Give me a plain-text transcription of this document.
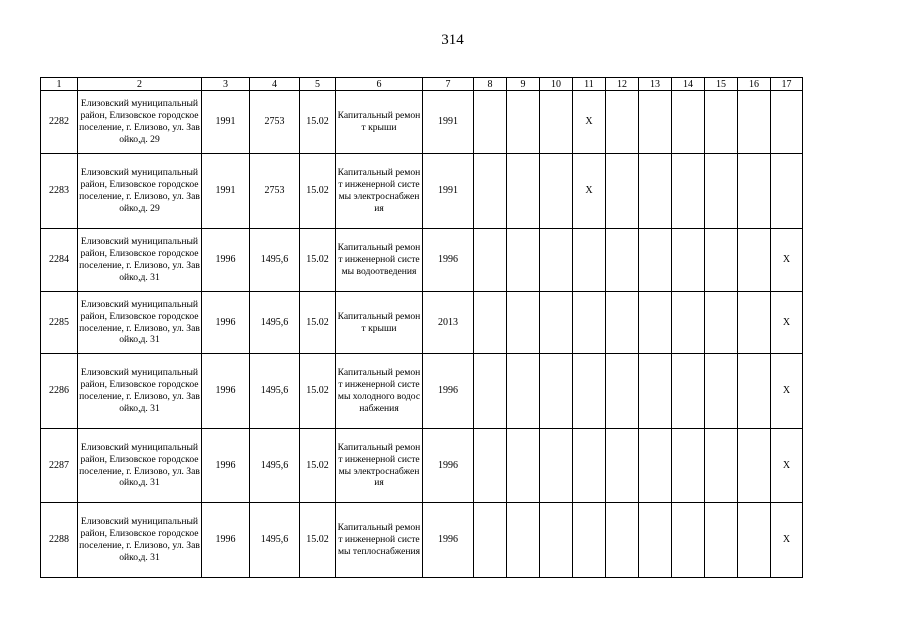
314
1	2	3	4	5	6	7	8	9	10	11	12	13	14	15	16	17
2282	Елизовский муниципальный район, Елизовское городское поселение, г. Елизово, ул. Завойко,д. 29	1991	2753	15.02	Капитальный ремонт крыши	1991				Х						
2283	Елизовский муниципальный район, Елизовское городское поселение, г. Елизово, ул. Завойко,д. 29	1991	2753	15.02	Капитальный ремонт инженерной системы электроснабжения	1991				Х						
2284	Елизовский муниципальный район, Елизовское городское поселение, г. Елизово, ул. Завойко,д. 31	1996	1495,6	15.02	Капитальный ремонт инженерной системы водоотведения	1996										Х
2285	Елизовский муниципальный район, Елизовское городское поселение, г. Елизово, ул. Завойко,д. 31	1996	1495,6	15.02	Капитальный ремонт крыши	2013										Х
2286	Елизовский муниципальный район, Елизовское городское поселение, г. Елизово, ул. Завойко,д. 31	1996	1495,6	15.02	Капитальный ремонт инженерной системы холодного водоснабжения	1996										Х
2287	Елизовский муниципальный район, Елизовское городское поселение, г. Елизово, ул. Завойко,д. 31	1996	1495,6	15.02	Капитальный ремонт инженерной системы электроснабжения	1996										Х
2288	Елизовский муниципальный район, Елизовское городское поселение, г. Елизово, ул. Завойко,д. 31	1996	1495,6	15.02	Капитальный ремонт инженерной системы теплоснабжения	1996										Х
